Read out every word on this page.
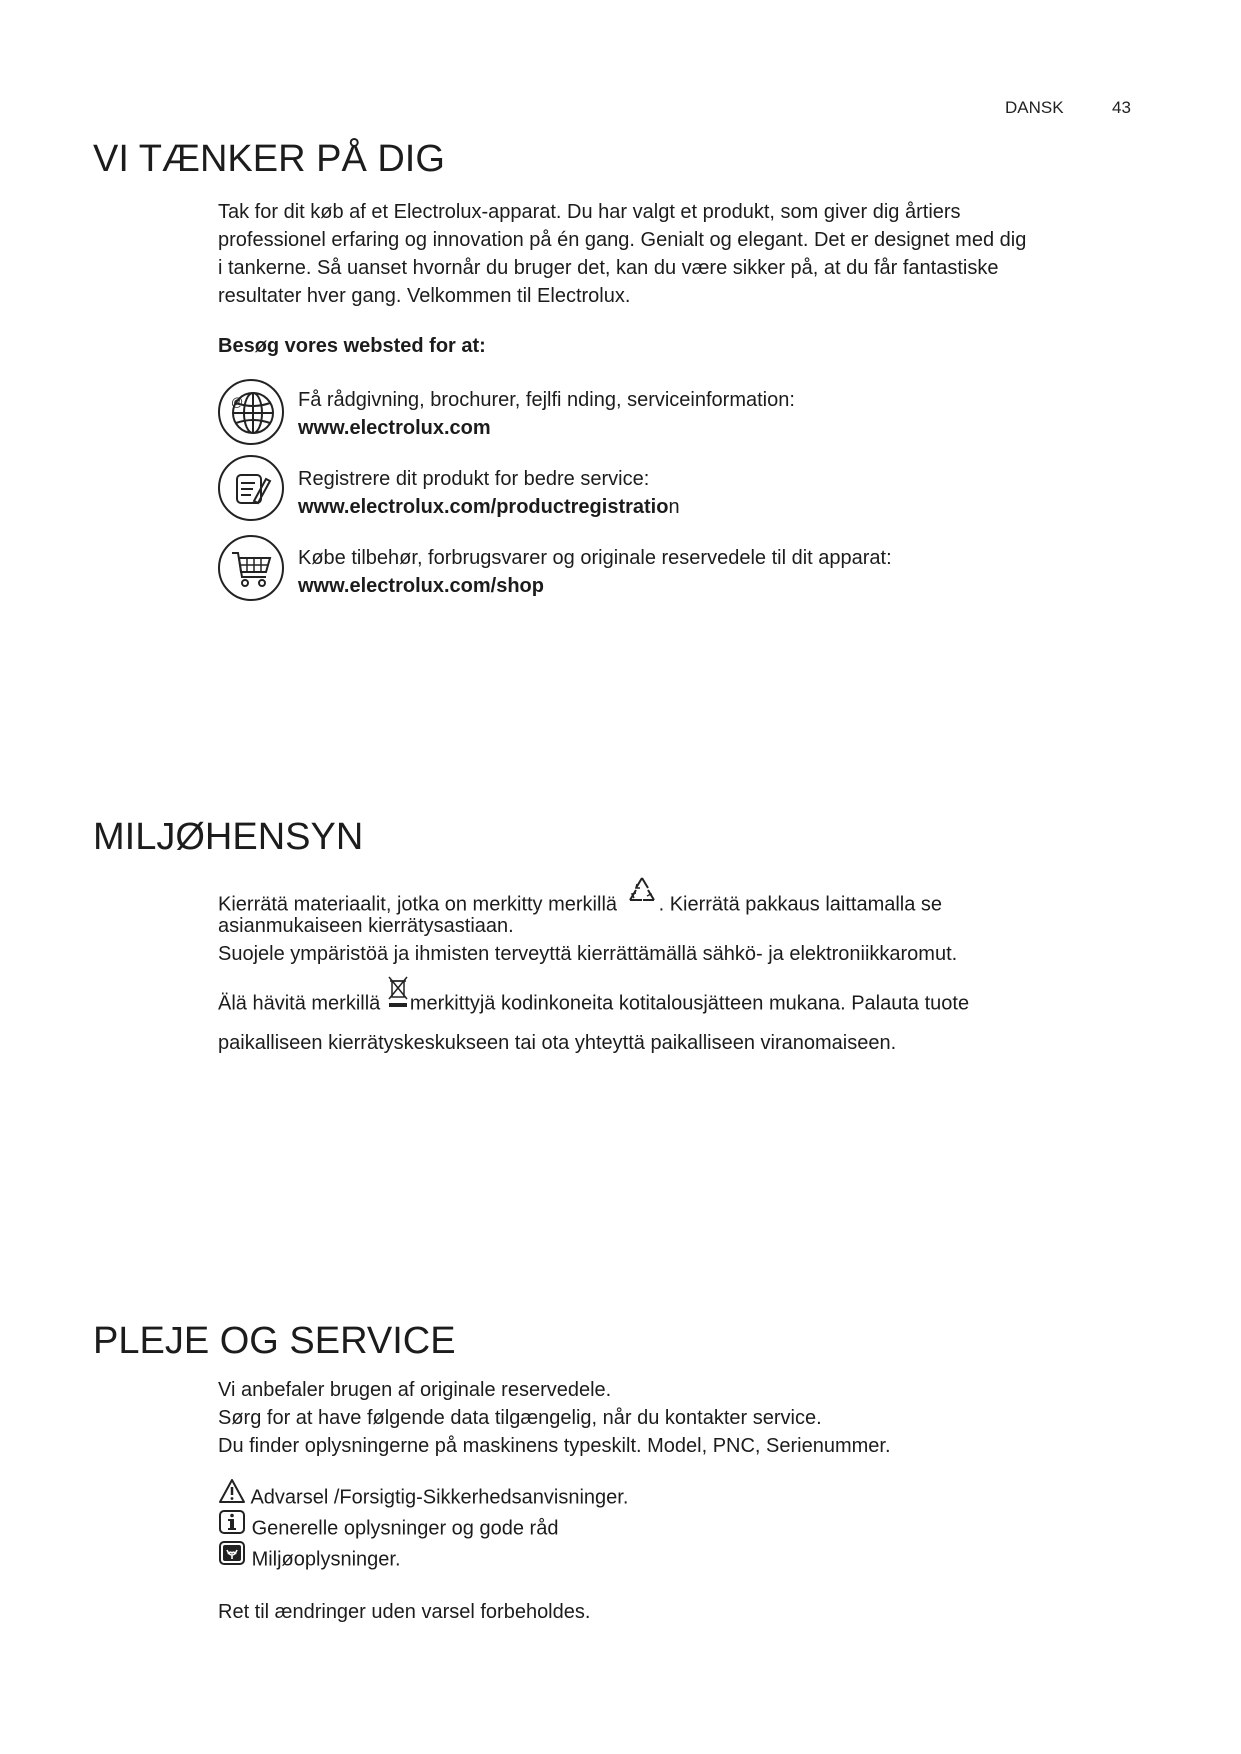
DANSK	43
VI TÆNKER PÅ DIG
Tak for dit køb af et Electrolux-apparat. Du har valgt et produkt, som giver dig årtiers
professionel erfaring og innovation på én gang. Genialt og elegant. Det er designet med dig
i tankerne. Så uanset hvornår du bruger det, kan du være sikker på, at du får fantastiske
resultater hver gang. Velkommen til Electrolux.
Besøg vores websted for at:
@	Få rådgivning, brochurer, fejlfi nding, serviceinformation:
www.electrolux.com
Registrere dit produkt for bedre service:
www.electrolux.com/productregistration
Købe tilbehør, forbrugsvarer og originale reservedele til dit apparat:
www.electrolux.com/shop
MILJØHENSYN
Kierrätä materiaalit, jotka on merkitty merkillä . Kierrätä pakkaus laittamalla se
asianmukaiseen kierrätysastiaan.
Suojele ympäristöä ja ihmisten terveyttä kierrättämällä sähkö- ja elektroniikkaromut.
Älä hävitä merkillä merkittyjä kodinkoneita kotitalousjätteen mukana. Palauta tuote
paikalliseen kierrätyskeskukseen tai ota yhteyttä paikalliseen viranomaiseen.
PLEJE OG SERVICE
Vi anbefaler brugen af originale reservedele.
Sørg for at have følgende data tilgængelig, når du kontakter service.
Du finder oplysningerne på maskinens typeskilt. Model, PNC, Serienummer.
Advarsel /Forsigtig-Sikkerhedsanvisninger.
Generelle oplysninger og gode råd
Miljøoplysninger.
Ret til ændringer uden varsel forbeholdes.
